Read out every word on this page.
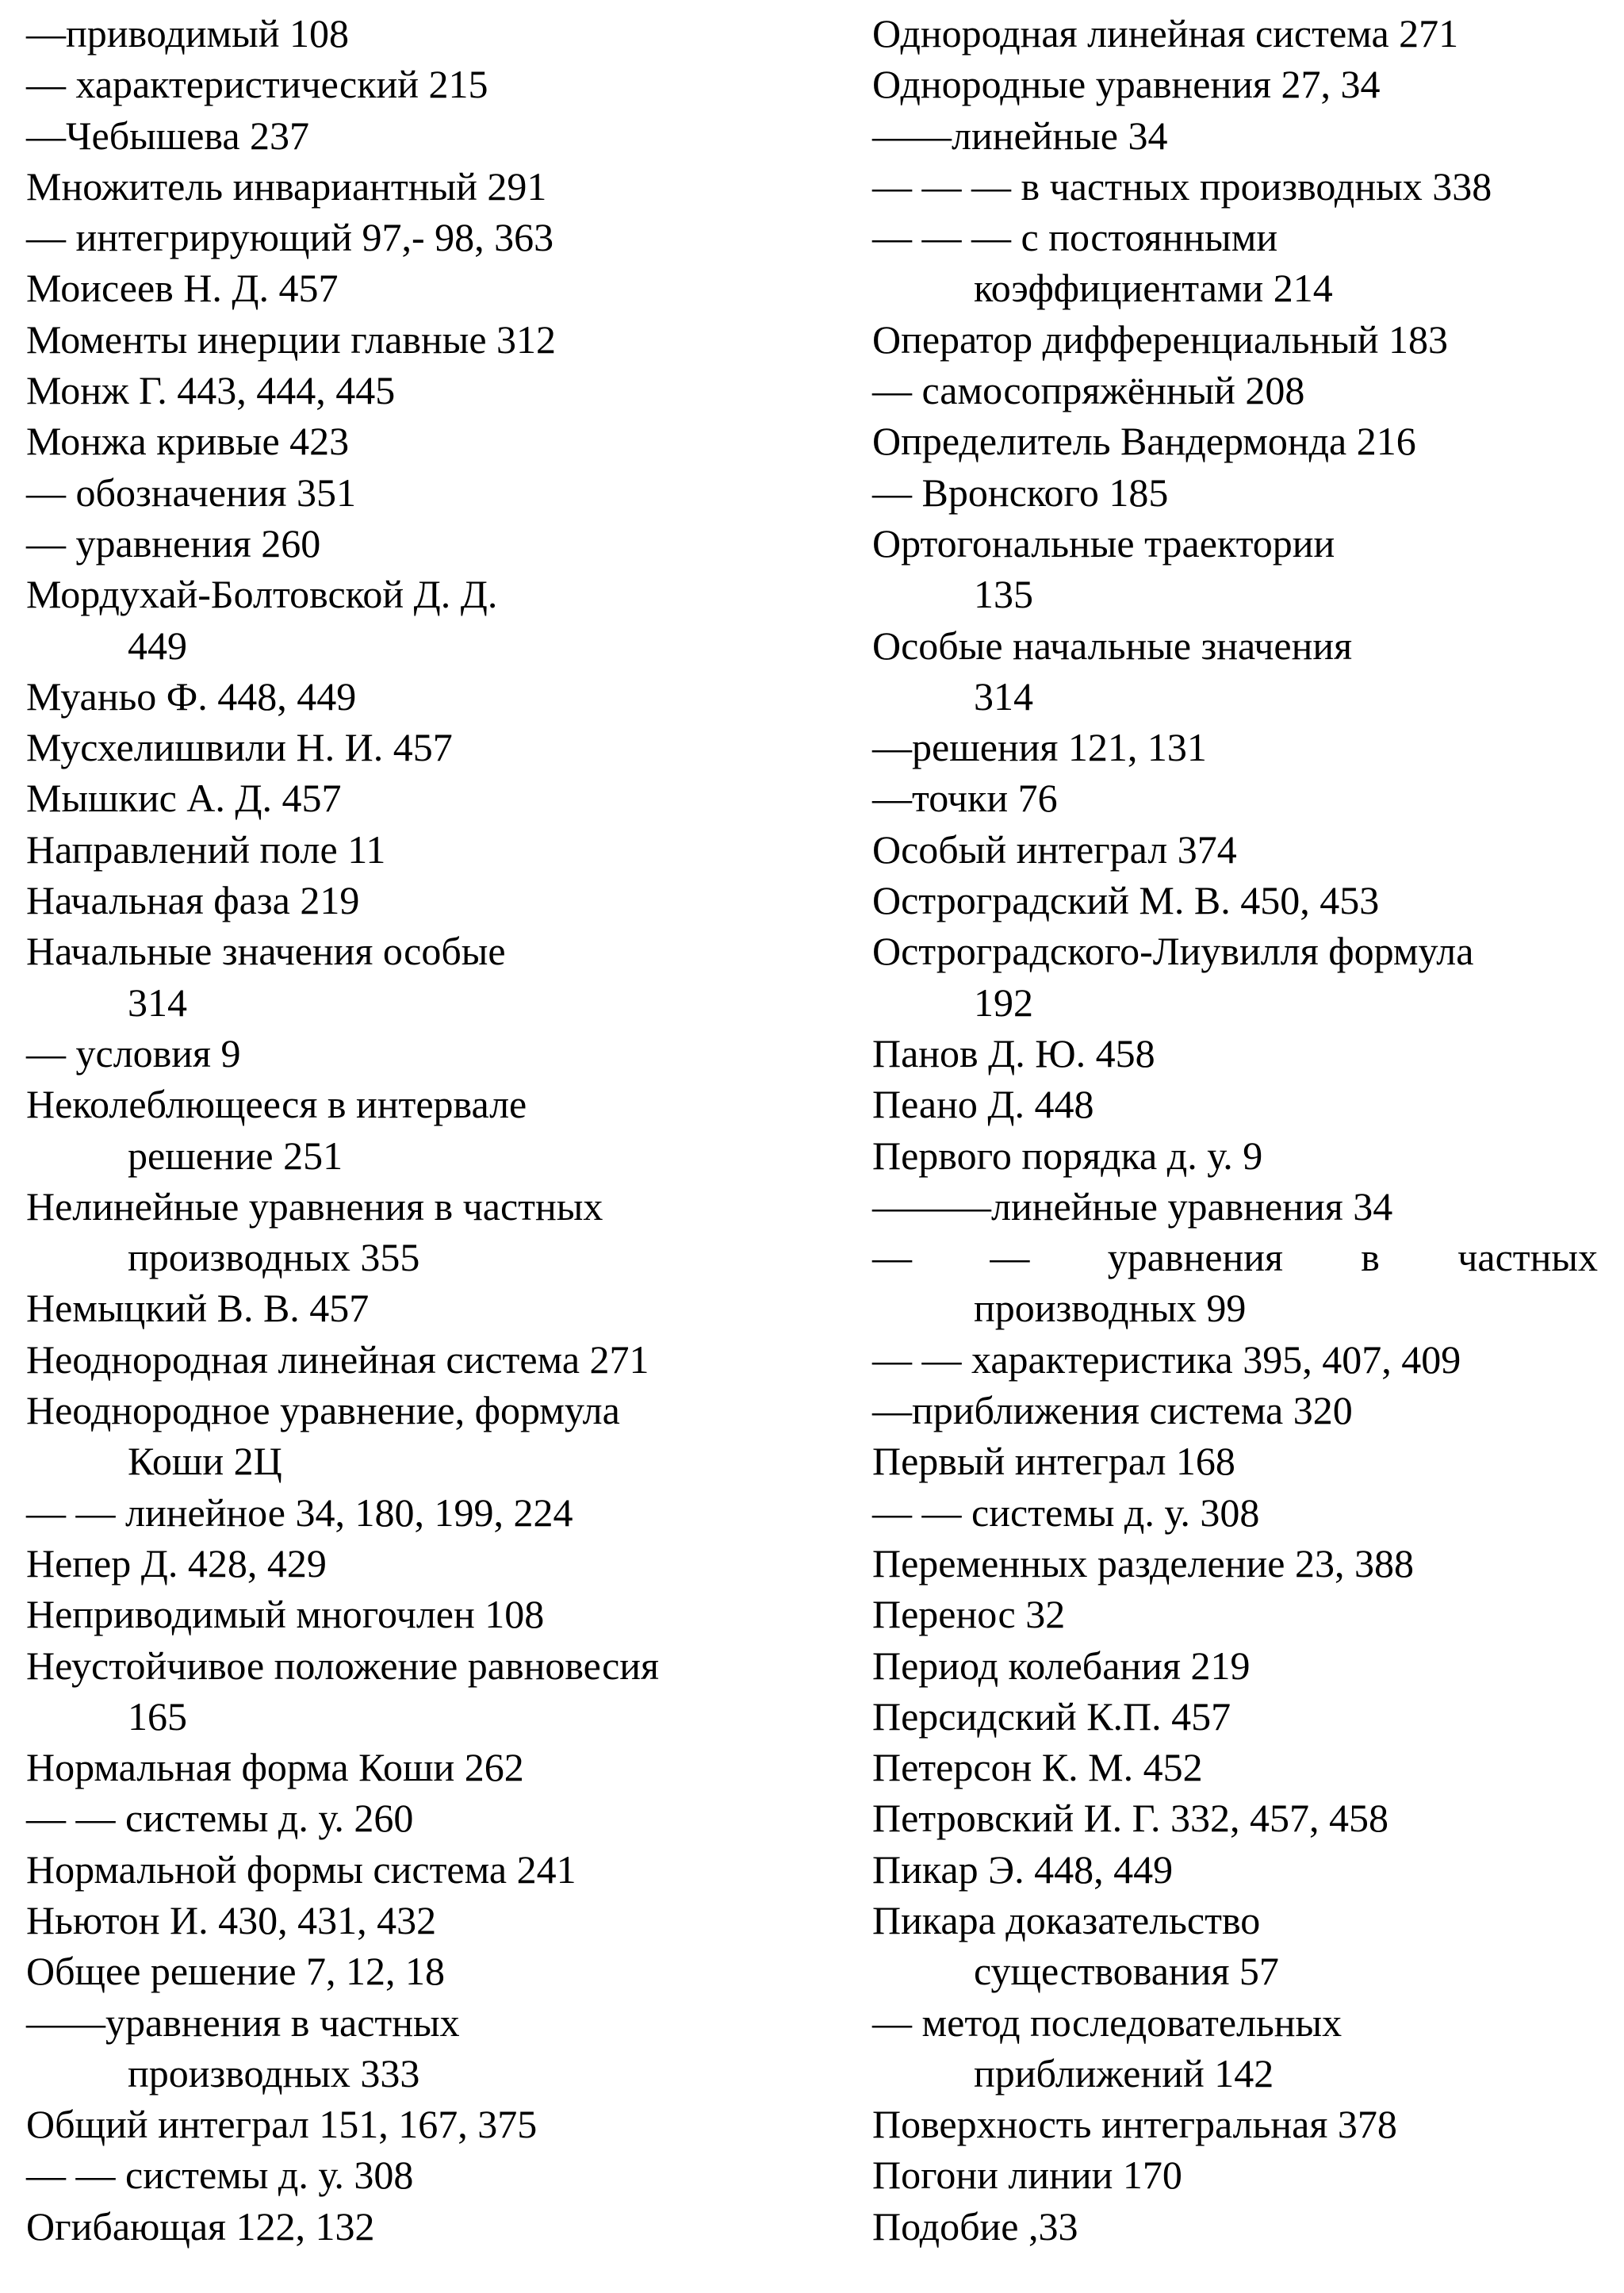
—приводимый 108
— характеристический 215
—Чебышева 237
Множитель инвариантный 291
— интегрирующий 97,- 98, 363
Моисеев Н. Д. 457
Моменты инерции главные 312
Монж Г. 443, 444, 445
Монжа кривые 423
— обозначения 351
— уравнения 260
Мордухай-Болтовской Д. Д.
449
Муаньо Ф. 448, 449
Мусхелишвили Н. И. 457
Мышкис А. Д. 457
Направлений поле 11
Начальная фаза 219
Начальные значения особые
314
— условия 9
Неколеблющееся в интервале
решение 251
Нелинейные уравнения в частных
производных 355
Немыцкий В. В. 457
Неоднородная линейная система 271
Неоднородное уравнение, формула
Коши 2Ц
— — линейное 34, 180, 199, 224
Непер Д. 428, 429
Неприводимый многочлен 108
Неустойчивое положение равновесия
165
Нормальная форма Коши 262
— — системы д. у. 260
Нормальной формы система 241
Ньютон И. 430, 431, 432
Общее решение 7, 12, 18
——уравнения в частных
производных 333
Общий интеграл 151, 167, 375
— — системы д. у. 308
Огибающая 122, 132
Однородная линейная система 271
Однородные уравнения 27, 34
——линейные 34
— — — в частных производных 338
— — — с постоянными
коэффициентами 214
Оператор дифференциальный 183
— самосопряжённый 208
Определитель Вандермонда 216
— Вронского 185
Ортогональные траектории
135
Особые начальные значения
314
—решения 121, 131
—точки 76
Особый интеграл 374
Остроградский М. В. 450, 453
Остроградского-Лиувилля формула
192
Панов Д. Ю. 458
Пеано Д. 448
Первого порядка д. у. 9
———линейные уравнения 34
— — уравнения в частных
производных 99
— — характеристика 395, 407, 409
—приближения система 320
Первый интеграл 168
— — системы д. у. 308
Переменных разделение 23, 388
Перенос 32
Период колебания 219
Персидский К.П. 457
Петерсон К. М. 452
Петровский И. Г. 332, 457, 458
Пикар Э. 448, 449
Пикара доказательство
существования 57
— метод последовательных
приближений 142
Поверхность интегральная 378
Погони линии 170
Подобие ,33
